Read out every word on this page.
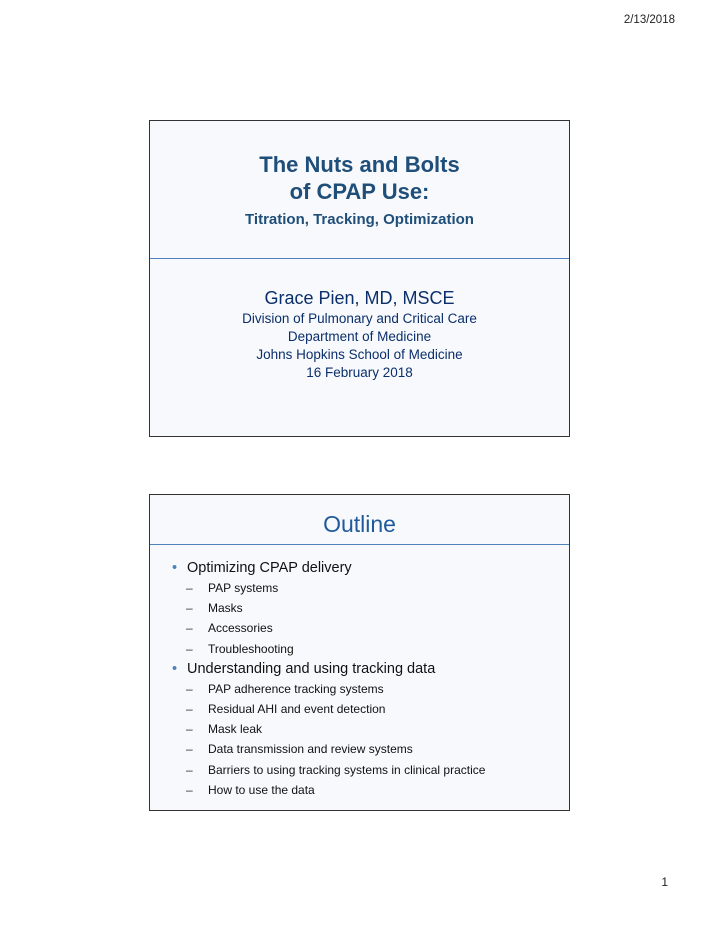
2/13/2018
The Nuts and Bolts
of CPAP Use:
Titration, Tracking, Optimization
Grace Pien, MD, MSCE
Division of Pulmonary and Critical Care
Department of Medicine
Johns Hopkins School of Medicine
16 February 2018
Outline
• Optimizing CPAP delivery
– PAP systems
– Masks
– Accessories
– Troubleshooting
• Understanding and using tracking data
– PAP adherence tracking systems
– Residual AHI and event detection
– Mask leak
– Data transmission and review systems
– Barriers to using tracking systems in clinical practice
– How to use the data
1
